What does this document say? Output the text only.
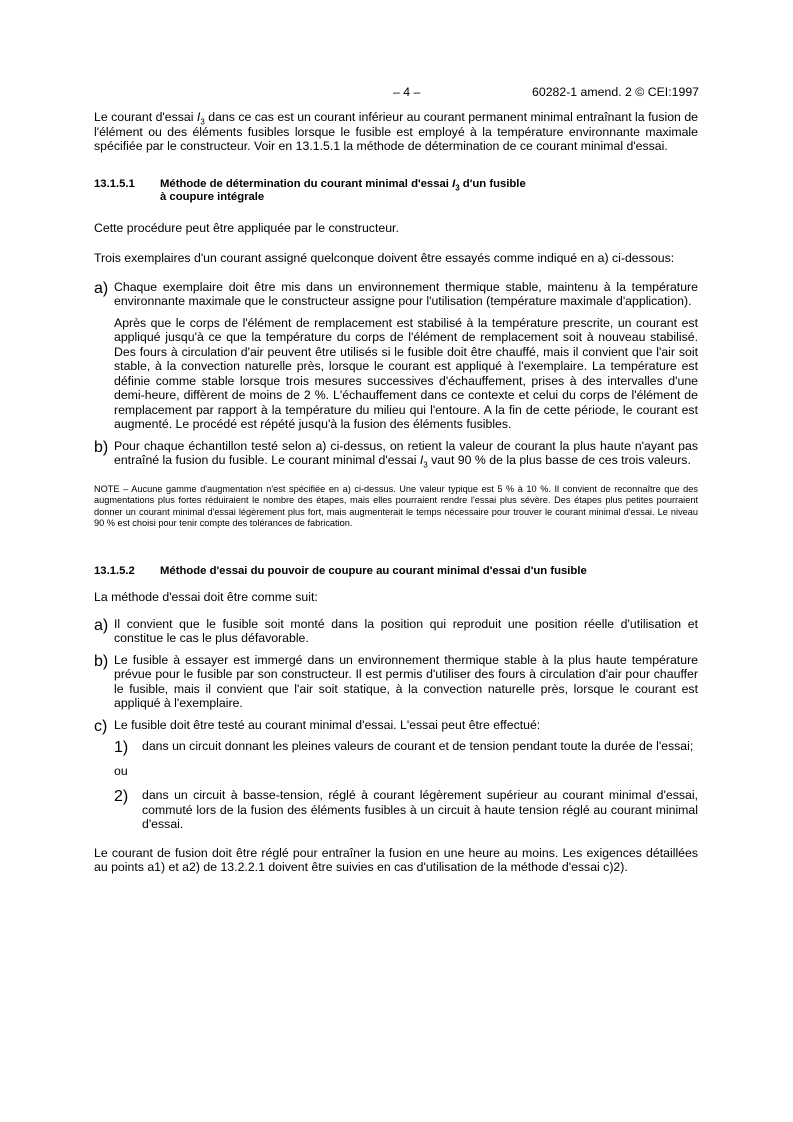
– 4 –	60282-1 amend. 2 © CEI:1997

Le courant d'essai $I_3$ dans ce cas est un courant inférieur au courant permanent minimal entraînant la fusion de l'élément ou des éléments fusibles lorsque le fusible est employé à la température environnante maximale spécifiée par le constructeur. Voir en 13.1.5.1 la méthode de détermination de ce courant minimal d'essai.

13.1.5.1 Méthode de détermination du courant minimal d'essai $I_3$ d'un fusible
à coupure intégrale

Cette procédure peut être appliquée par le constructeur.

Trois exemplaires d'un courant assigné quelconque doivent être essayés comme indiqué en a) ci-dessous:

a) Chaque exemplaire doit être mis dans un environnement thermique stable, maintenu à la température environnante maximale que le constructeur assigne pour l'utilisation (température maximale d'application).

Après que le corps de l'élément de remplacement est stabilisé à la température prescrite, un courant est appliqué jusqu'à ce que la température du corps de l'élément de remplacement soit à nouveau stabilisé. Des fours à circulation d'air peuvent être utilisés si le fusible doit être chauffé, mais il convient que l'air soit stable, à la convection naturelle près, lorsque le courant est appliqué à l'exemplaire. La température est définie comme stable lorsque trois mesures successives d'échauffement, prises à des intervalles d'une demi-heure, diffèrent de moins de 2 %. L'échauffement dans ce contexte et celui du corps de l'élément de remplacement par rapport à la température du milieu qui l'entoure. A la fin de cette période, le courant est augmenté. Le procédé est répété jusqu'à la fusion des éléments fusibles.

b) Pour chaque échantillon testé selon a) ci-dessus, on retient la valeur de courant la plus haute n'ayant pas entraîné la fusion du fusible. Le courant minimal d'essai $I_3$ vaut 90 % de la plus basse de ces trois valeurs.

NOTE – Aucune gamme d'augmentation n'est spécifiée en a) ci-dessus. Une valeur typique est 5 % à 10 %. Il convient de reconnaître que des augmentations plus fortes réduiraient le nombre des étapes, mais elles pourraient rendre l'essai plus sévère. Des étapes plus petites pourraient donner un courant minimal d'essai légèrement plus fort, mais augmenterait le temps nécessaire pour trouver le courant minimal d'essai. Le niveau 90 % est choisi pour tenir compte des tolérances de fabrication.

13.1.5.2 Méthode d'essai du pouvoir de coupure au courant minimal d'essai d'un fusible

La méthode d'essai doit être comme suit:

a) Il convient que le fusible soit monté dans la position qui reproduit une position réelle d'utilisation et constitue le cas le plus défavorable.

b) Le fusible à essayer est immergé dans un environnement thermique stable à la plus haute température prévue pour le fusible par son constructeur. Il est permis d'utiliser des fours à circulation d'air pour chauffer le fusible, mais il convient que l'air soit statique, à la convection naturelle près, lorsque le courant est appliqué à l'exemplaire.

c) Le fusible doit être testé au courant minimal d'essai. L'essai peut être effectué:

1) dans un circuit donnant les pleines valeurs de courant et de tension pendant toute la durée de l'essai;

ou

2) dans un circuit à basse-tension, réglé à courant légèrement supérieur au courant minimal d'essai, commuté lors de la fusion des éléments fusibles à un circuit à haute tension réglé au courant minimal d'essai.

Le courant de fusion doit être réglé pour entraîner la fusion en une heure au moins. Les exigences détaillées au points a1) et a2) de 13.2.2.1 doivent être suivies en cas d'utilisation de la méthode d'essai c)2).
